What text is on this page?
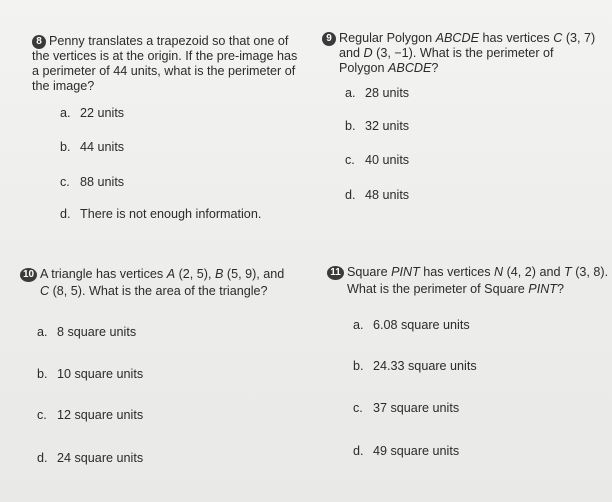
8 Penny translates a trapezoid so that one of the vertices is at the origin. If the pre-image has a perimeter of 44 units, what is the perimeter of the image?
a. 22 units
b. 44 units
c. 88 units
d. There is not enough information.
9 Regular Polygon ABCDE has vertices C (3, 7)
and D (3, −1). What is the perimeter of
Polygon ABCDE?
a. 28 units
b. 32 units
c. 40 units
d. 48 units
10 A triangle has vertices A (2, 5), B (5, 9), and
C (8, 5). What is the area of the triangle?
a. 8 square units
b. 10 square units
c. 12 square units
d. 24 square units
11 Square PINT has vertices N (4, 2) and T (3, 8).
What is the perimeter of Square PINT?
a. 6.08 square units
b. 24.33 square units
c. 37 square units
d. 49 square units
